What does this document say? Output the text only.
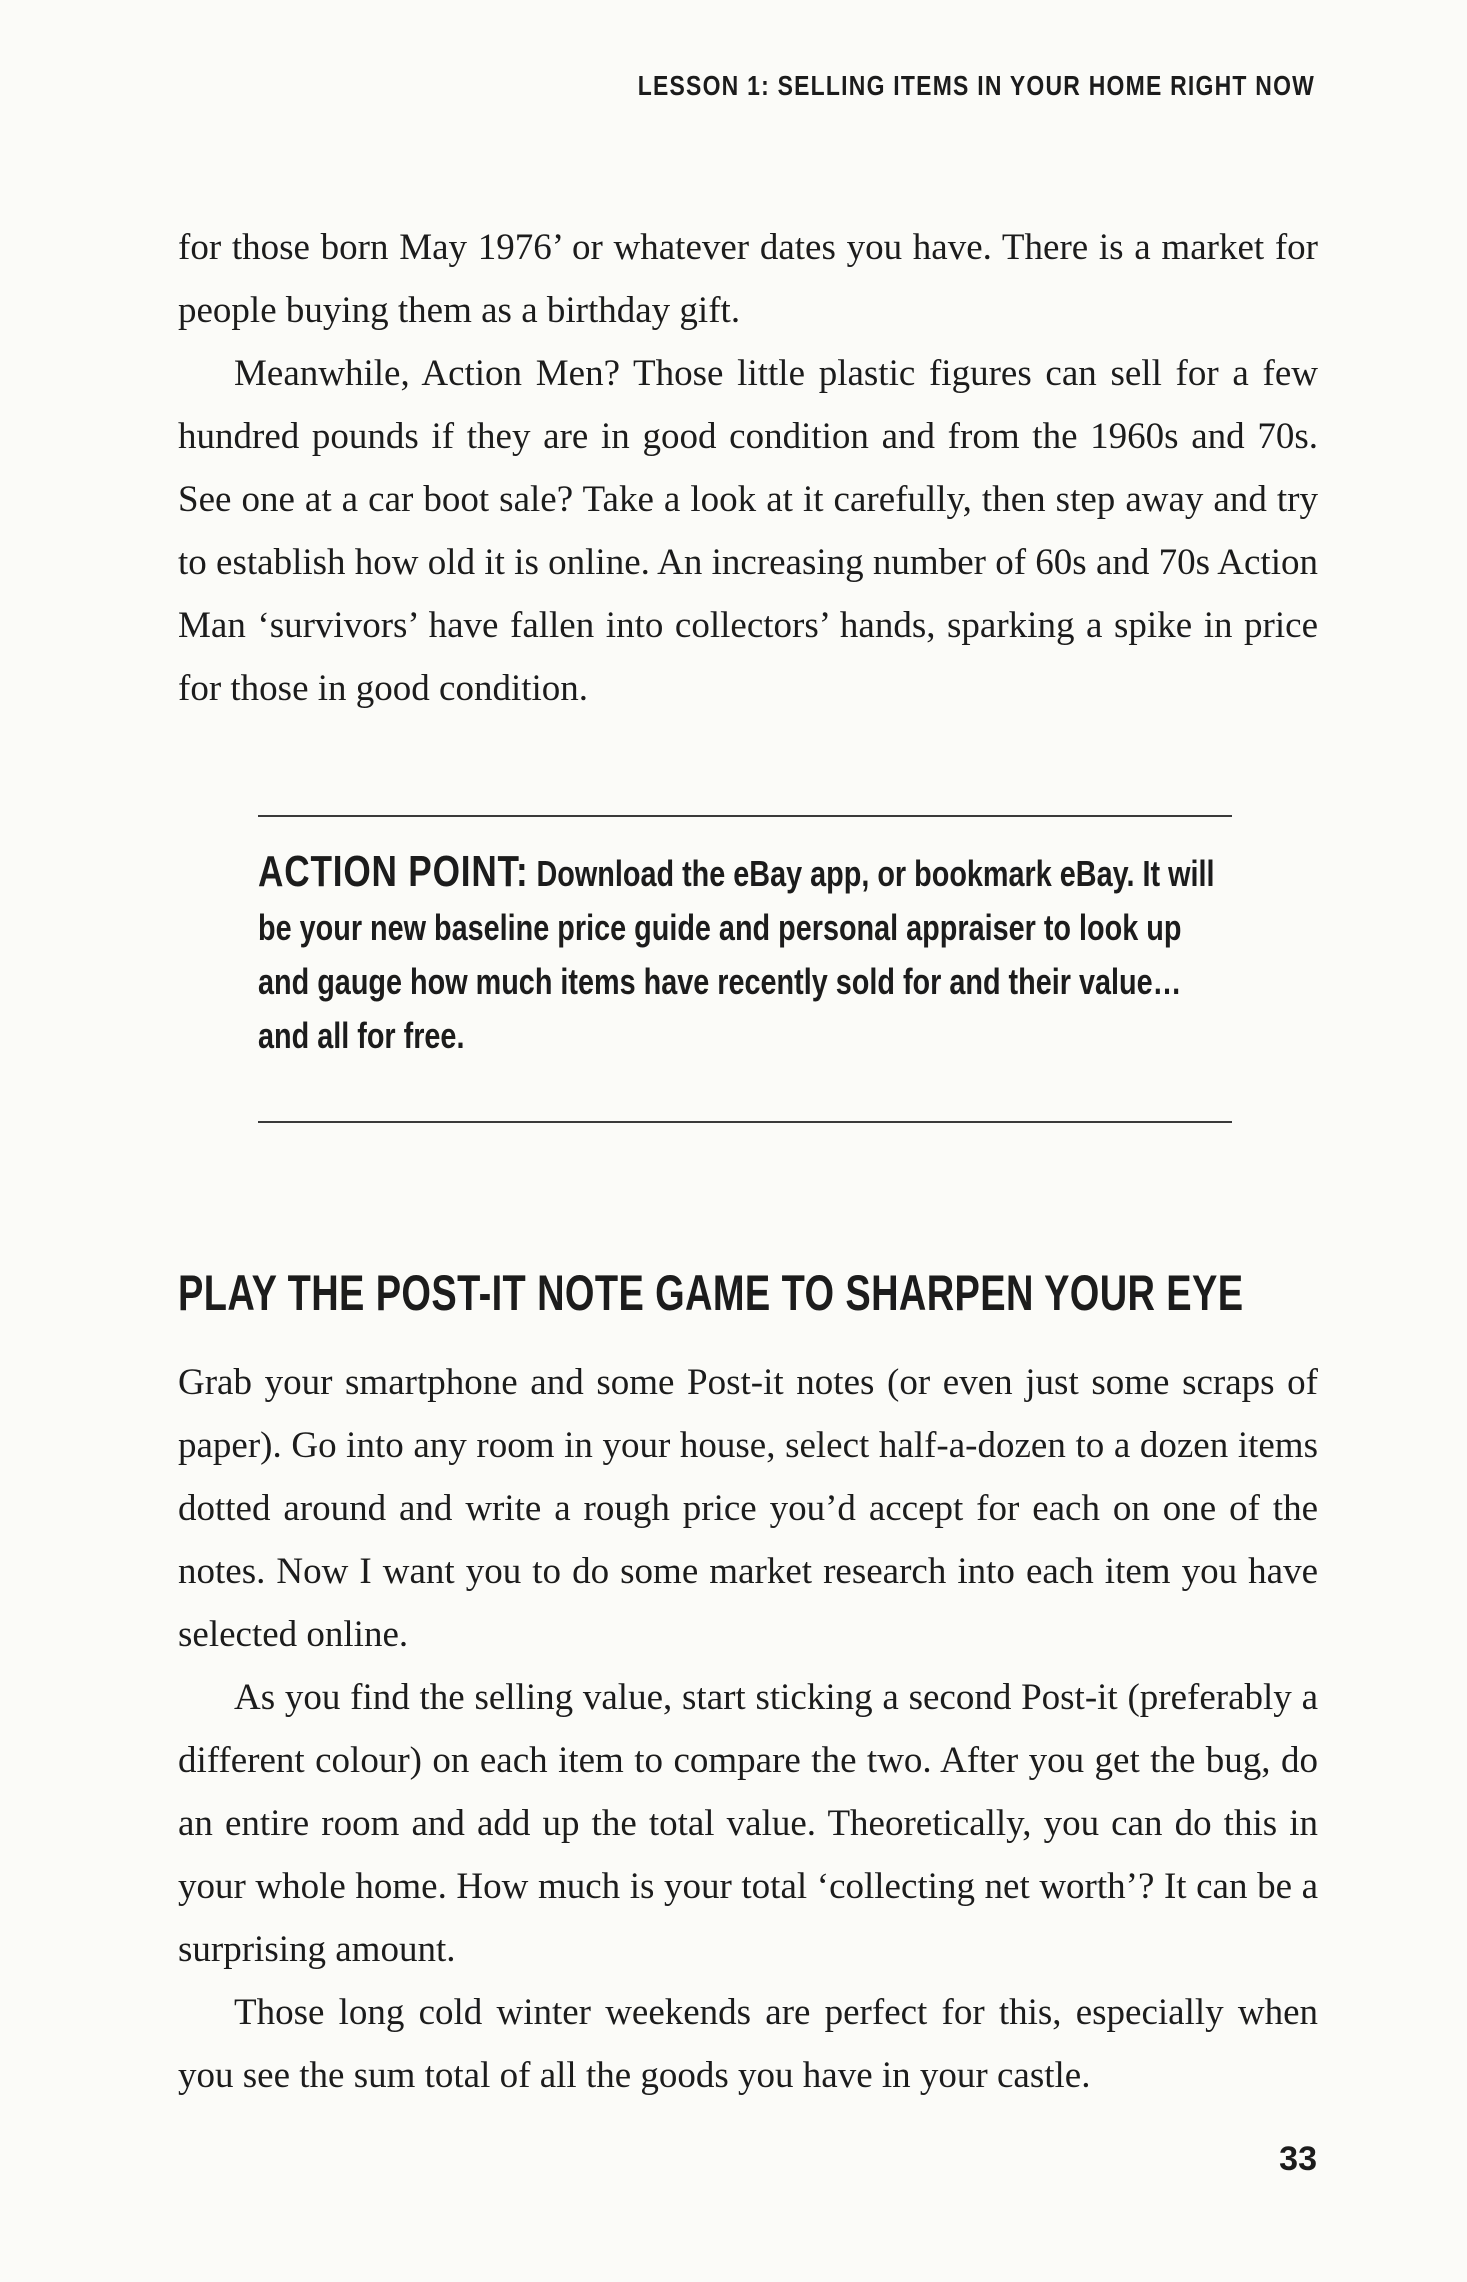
LESSON 1: SELLING ITEMS IN YOUR HOME RIGHT NOW

for those born May 1976’ or whatever dates you have. There is a market for people buying them as a birthday gift.

Meanwhile, Action Men? Those little plastic figures can sell for a few hundred pounds if they are in good condition and from the 1960s and 70s. See one at a car boot sale? Take a look at it carefully, then step away and try to establish how old it is online. An increasing number of 60s and 70s Action Man ‘survivors’ have fallen into collectors’ hands, sparking a spike in price for those in good condition.

ACTION POINT: Download the eBay app, or bookmark eBay. It will be your new baseline price guide and personal appraiser to look up and gauge how much items have recently sold for and their value…and all for free.
PLAY THE POST-IT NOTE GAME TO SHARPEN YOUR EYE

Grab your smartphone and some Post-it notes (or even just some scraps of paper). Go into any room in your house, select half-a-dozen to a dozen items dotted around and write a rough price you’d accept for each on one of the notes. Now I want you to do some market research into each item you have selected online.

As you find the selling value, start sticking a second Post-it (preferably a different colour) on each item to compare the two. After you get the bug, do an entire room and add up the total value. Theoretically, you can do this in your whole home. How much is your total ‘collecting net worth’? It can be a surprising amount.

Those long cold winter weekends are perfect for this, especially when you see the sum total of all the goods you have in your castle.

33
